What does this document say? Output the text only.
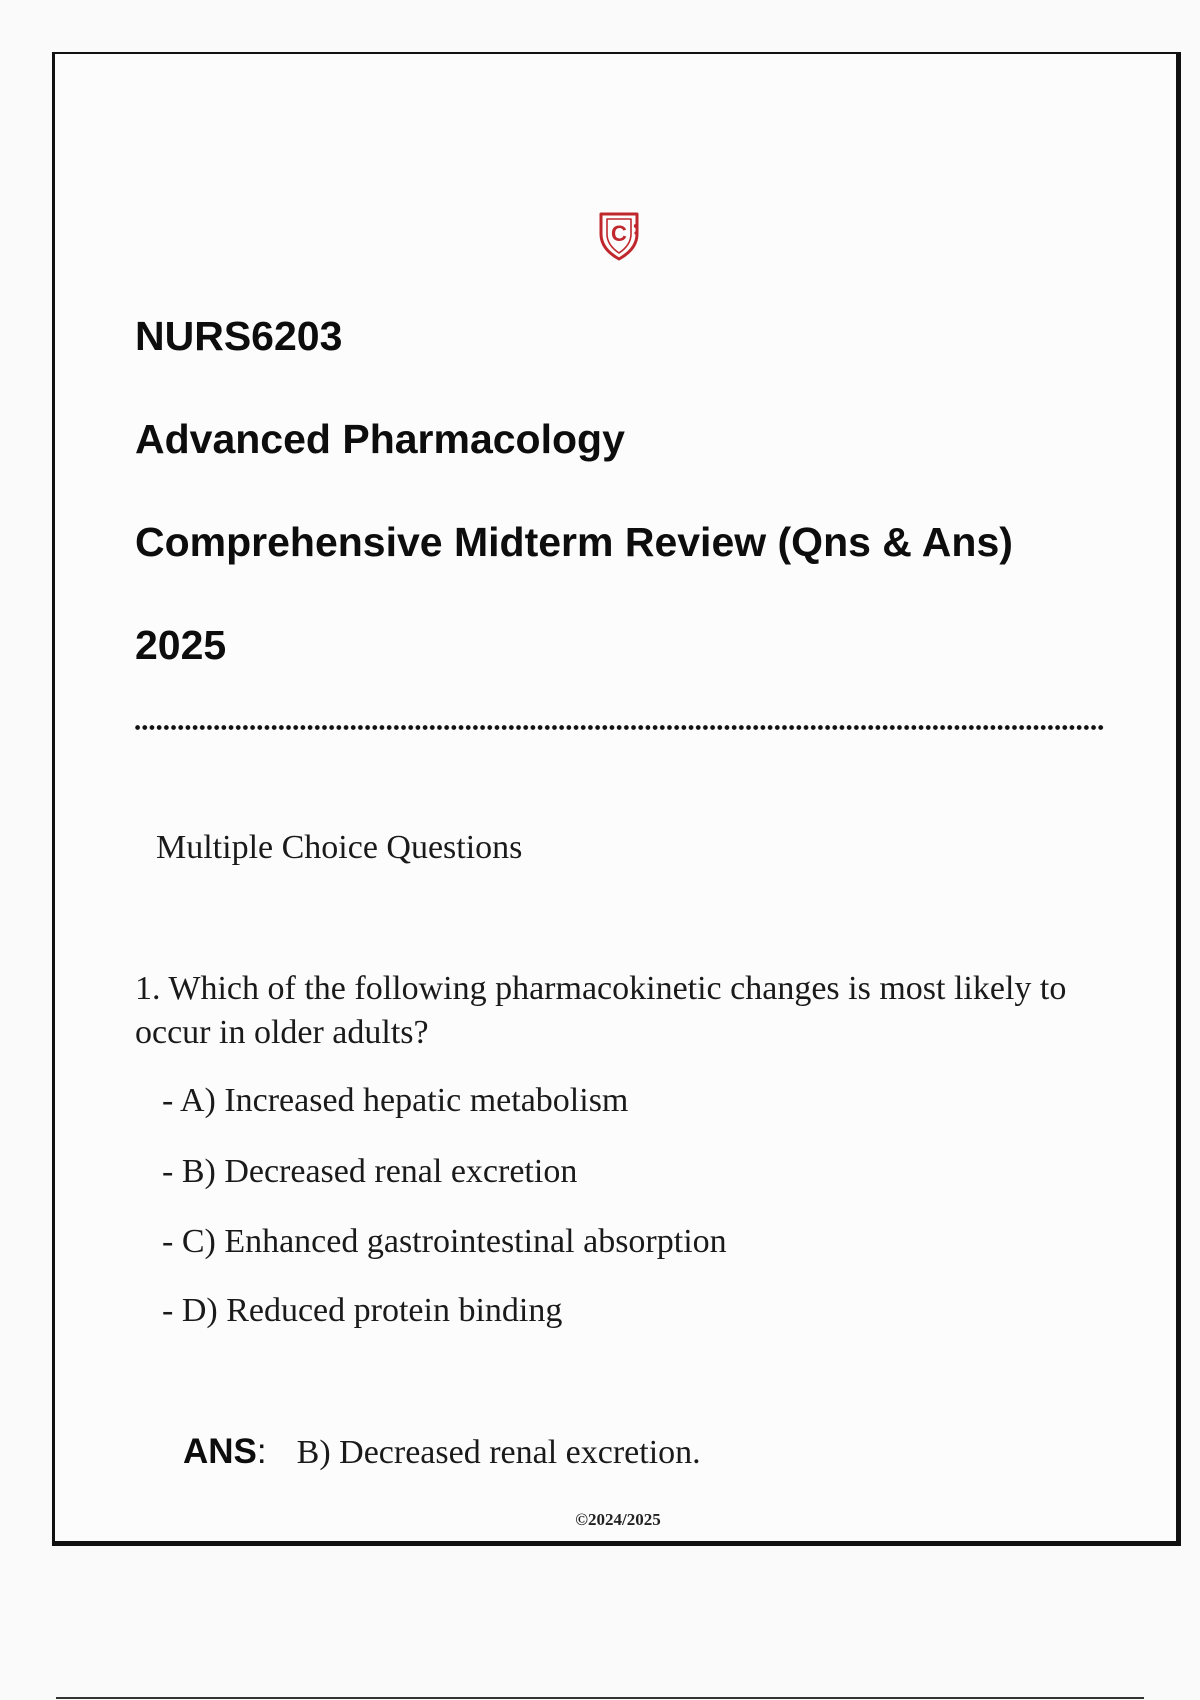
C
NURS6203
Advanced Pharmacology
Comprehensive Midterm Review (Qns & Ans)
2025
Multiple Choice Questions

1. Which of the following pharmacokinetic changes is most likely to occur in older adults?

- A) Increased hepatic metabolism
- B) Decreased renal excretion
- C) Enhanced gastrointestinal absorption
- D) Reduced protein binding
ANS: B) Decreased renal excretion.
©2024/2025
